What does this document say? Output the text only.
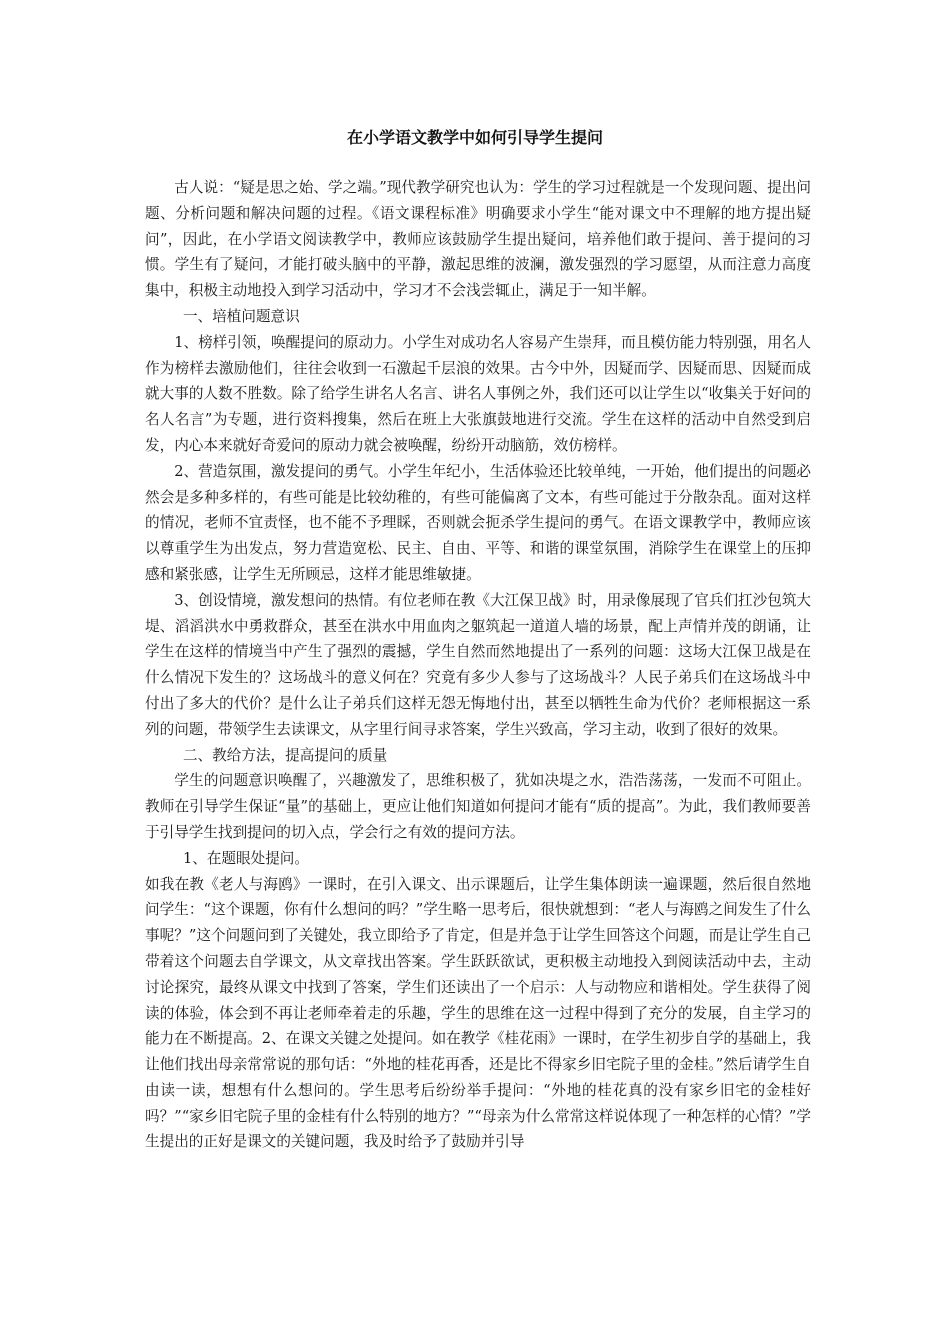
在小学语文教学中如何引导学生提问

古人说：“疑是思之始、学之端。”现代教学研究也认为：学生的学习过程就是一个发现问题、提出问题、分析问题和解决问题的过程。《语文课程标准》明确要求小学生“能对课文中不理解的地方提出疑问”，因此，在小学语文阅读教学中，教师应该鼓励学生提出疑问，培养他们敢于提问、善于提问的习惯。学生有了疑问，才能打破头脑中的平静，激起思维的波澜，激发强烈的学习愿望，从而注意力高度集中，积极主动地投入到学习活动中，学习才不会浅尝辄止，满足于一知半解。

一、培植问题意识

1、榜样引领，唤醒提问的原动力。小学生对成功名人容易产生崇拜，而且模仿能力特别强，用名人作为榜样去激励他们，往往会收到一石激起千层浪的效果。古今中外，因疑而学、因疑而思、因疑而成就大事的人数不胜数。除了给学生讲名人名言、讲名人事例之外，我们还可以让学生以“收集关于好问的名人名言”为专题，进行资料搜集，然后在班上大张旗鼓地进行交流。学生在这样的活动中自然受到启发，内心本来就好奇爱问的原动力就会被唤醒，纷纷开动脑筋，效仿榜样。

2、营造氛围，激发提问的勇气。小学生年纪小，生活体验还比较单纯，一开始，他们提出的问题必然会是多种多样的，有些可能是比较幼稚的，有些可能偏离了文本，有些可能过于分散杂乱。面对这样的情况，老师不宜责怪，也不能不予理睬，否则就会扼杀学生提问的勇气。在语文课教学中，教师应该以尊重学生为出发点，努力营造宽松、民主、自由、平等、和谐的课堂氛围，消除学生在课堂上的压抑感和紧张感，让学生无所顾忌，这样才能思维敏捷。

3、创设情境，激发想问的热情。有位老师在教《大江保卫战》时，用录像展现了官兵们扛沙包筑大堤、滔滔洪水中勇救群众，甚至在洪水中用血肉之躯筑起一道道人墙的场景，配上声情并茂的朗诵，让学生在这样的情境当中产生了强烈的震撼，学生自然而然地提出了一系列的问题：这场大江保卫战是在什么情况下发生的？这场战斗的意义何在？究竟有多少人参与了这场战斗？人民子弟兵们在这场战斗中付出了多大的代价？是什么让子弟兵们这样无怨无悔地付出，甚至以牺牲生命为代价？老师根据这一系列的问题，带领学生去读课文，从字里行间寻求答案，学生兴致高，学习主动，收到了很好的效果。

二、教给方法，提高提问的质量

学生的问题意识唤醒了，兴趣激发了，思维积极了，犹如决堤之水，浩浩荡荡，一发而不可阻止。教师在引导学生保证“量”的基础上，更应让他们知道如何提问才能有“质的提高”。为此，我们教师要善于引导学生找到提问的切入点，学会行之有效的提问方法。

1、在题眼处提问。

如我在教《老人与海鸥》一课时，在引入课文、出示课题后，让学生集体朗读一遍课题，然后很自然地问学生：“这个课题，你有什么想问的吗？”学生略一思考后，很快就想到：“老人与海鸥之间发生了什么事呢？”这个问题问到了关键处，我立即给予了肯定，但是并急于让学生回答这个问题，而是让学生自己带着这个问题去自学课文，从文章找出答案。学生跃跃欲试，更积极主动地投入到阅读活动中去，主动讨论探究，最终从课文中找到了答案，学生们还读出了一个启示：人与动物应和谐相处。学生获得了阅读的体验，体会到不再让老师牵着走的乐趣，学生的思维在这一过程中得到了充分的发展，自主学习的能力在不断提高。2、在课文关键之处提问。如在教学《桂花雨》一课时，在学生初步自学的基础上，我让他们找出母亲常常说的那句话：“外地的桂花再香，还是比不得家乡旧宅院子里的金桂。”然后请学生自由读一读，想想有什么想问的。学生思考后纷纷举手提问：“外地的桂花真的没有家乡旧宅的金桂好吗？”“家乡旧宅院子里的金桂有什么特别的地方？”“母亲为什么常常这样说体现了一种怎样的心情？”学生提出的正好是课文的关键问题，我及时给予了鼓励并引导
